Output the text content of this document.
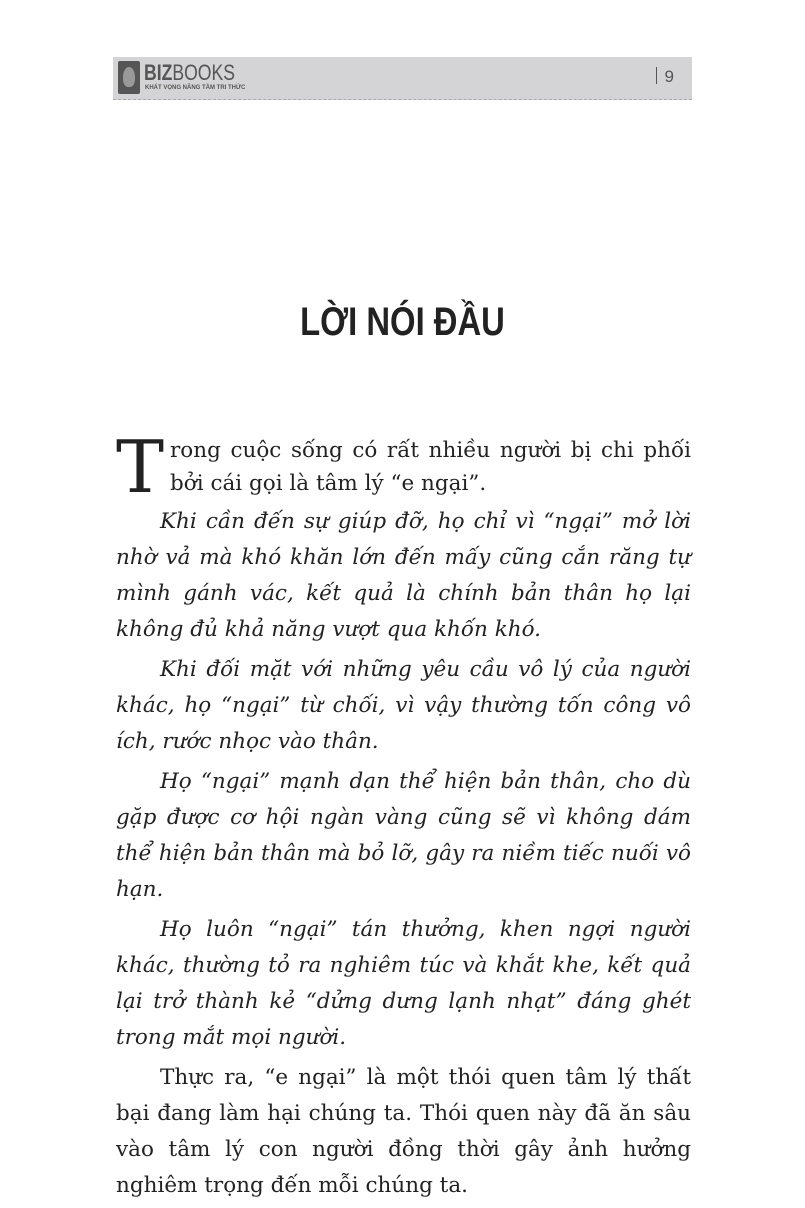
BIZBOOKS
KHÁT VỌNG NÂNG TẦM TRI THỨC
9
LỜI NÓI ĐẦU

Trong cuộc sống có rất nhiều người bị chi phối bởi cái gọi là tâm lý “e ngại”.

Khi cần đến sự giúp đỡ, họ chỉ vì “ngại” mở lời nhờ vả mà khó khăn lớn đến mấy cũng cắn răng tự mình gánh vác, kết quả là chính bản thân họ lại không đủ khả năng vượt qua khốn khó.

Khi đối mặt với những yêu cầu vô lý của người khác, họ “ngại” từ chối, vì vậy thường tốn công vô ích, rước nhọc vào thân.

Họ “ngại” mạnh dạn thể hiện bản thân, cho dù gặp được cơ hội ngàn vàng cũng sẽ vì không dám thể hiện bản thân mà bỏ lỡ, gây ra niềm tiếc nuối vô hạn.

Họ luôn “ngại” tán thưởng, khen ngợi người khác, thường tỏ ra nghiêm túc và khắt khe, kết quả lại trở thành kẻ “dửng dưng lạnh nhạt” đáng ghét trong mắt mọi người.

Thực ra, “e ngại” là một thói quen tâm lý thất bại đang làm hại chúng ta. Thói quen này đã ăn sâu vào tâm lý con người đồng thời gây ảnh hưởng nghiêm trọng đến mỗi chúng ta.
